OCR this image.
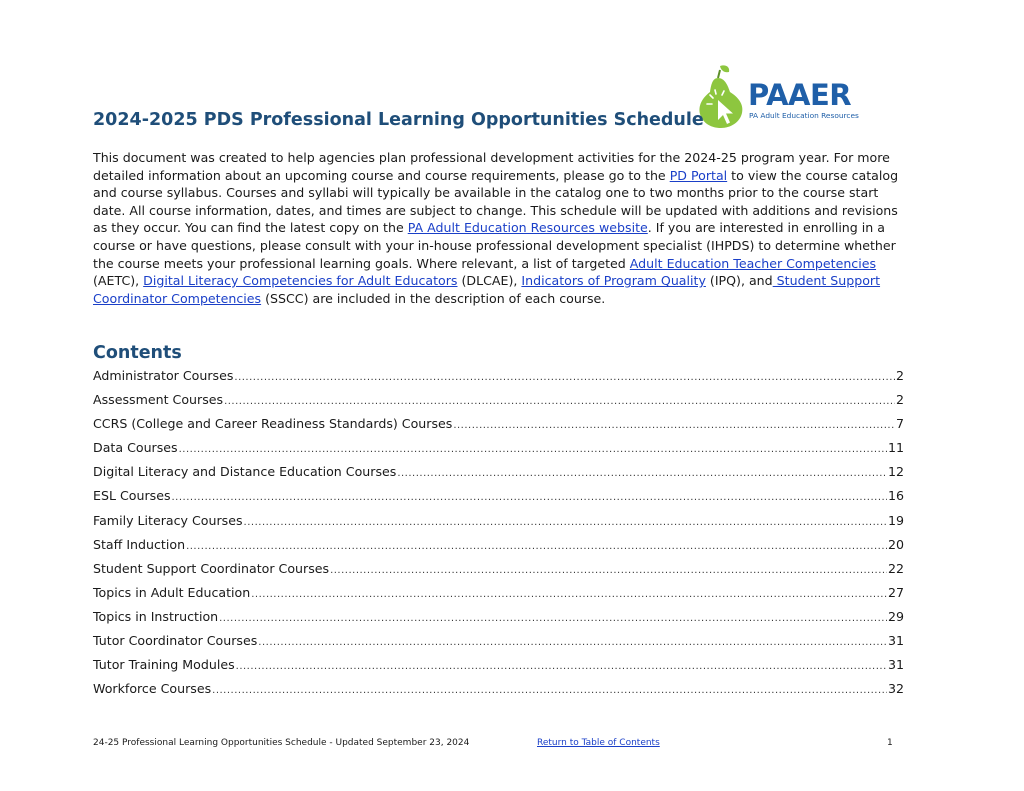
PAAER
PA Adult Education Resources
2024-2025 PDS Professional Learning Opportunities Schedule

This document was created to help agencies plan professional development activities for the 2024-25 program year. For more detailed information about an upcoming course and course requirements, please go to the PD Portal to view the course catalog and course syllabus. Courses and syllabi will typically be available in the catalog one to two months prior to the course start date. All course information, dates, and times are subject to change. This schedule will be updated with additions and revisions as they occur. You can find the latest copy on the PA Adult Education Resources website. If you are interested in enrolling in a course or have questions, please consult with your in-house professional development specialist (IHPDS) to determine whether the course meets your professional learning goals. Where relevant, a list of targeted Adult Education Teacher Competencies (AETC), Digital Literacy Competencies for Adult Educators (DLCAE), Indicators of Program Quality (IPQ), and Student Support Coordinator Competencies (SSCC) are included in the description of each course.

Contents
Administrator Courses .....	2
Assessment Courses .....	2
CCRS (College and Career Readiness Standards) Courses .....	7
Data Courses .....	11
Digital Literacy and Distance Education Courses .....	12
ESL Courses .....	16
Family Literacy Courses .....	19
Staff Induction .....	20
Student Support Coordinator Courses .....	22
Topics in Adult Education .....	27
Topics in Instruction .....	29
Tutor Coordinator Courses .....	31
Tutor Training Modules .....	31
Workforce Courses .....	32
24-25 Professional Learning Opportunities Schedule - Updated September 23, 2024	Return to Table of Contents	1
